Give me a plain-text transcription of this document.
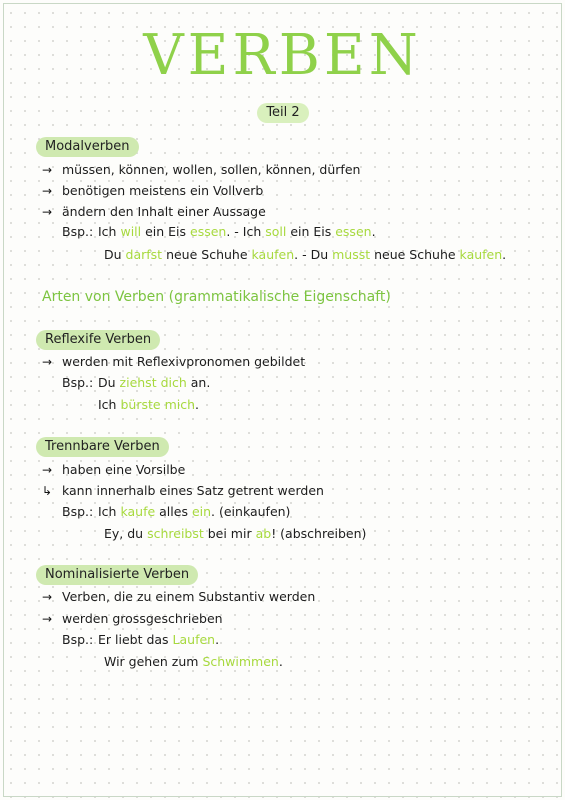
VERBEN
Teil 2
Modalverben
→ müssen, können, wollen, sollen, können, dürfen
→ benötigen meistens ein Vollverb
→ ändern den Inhalt einer Aussage
Bsp.: Ich will ein Eis essen. - Ich soll ein Eis essen.
Du darfst neue Schuhe kaufen. - Du musst neue Schuhe kaufen.
Arten von Verben (grammatikalische Eigenschaft)
Reflexife Verben
→ werden mit Reflexivpronomen gebildet
Bsp.: Du ziehst dich an.
Ich bürste mich.
Trennbare Verben
→ haben eine Vorsilbe
↳ kann innerhalb eines Satz getrent werden
Bsp.: Ich kaufe alles ein. (einkaufen)
Ey, du schreibst bei mir ab! (abschreiben)
Nominalisierte Verben
→ Verben, die zu einem Substantiv werden
→ werden grossgeschrieben
Bsp.: Er liebt das Laufen.
Wir gehen zum Schwimmen.
